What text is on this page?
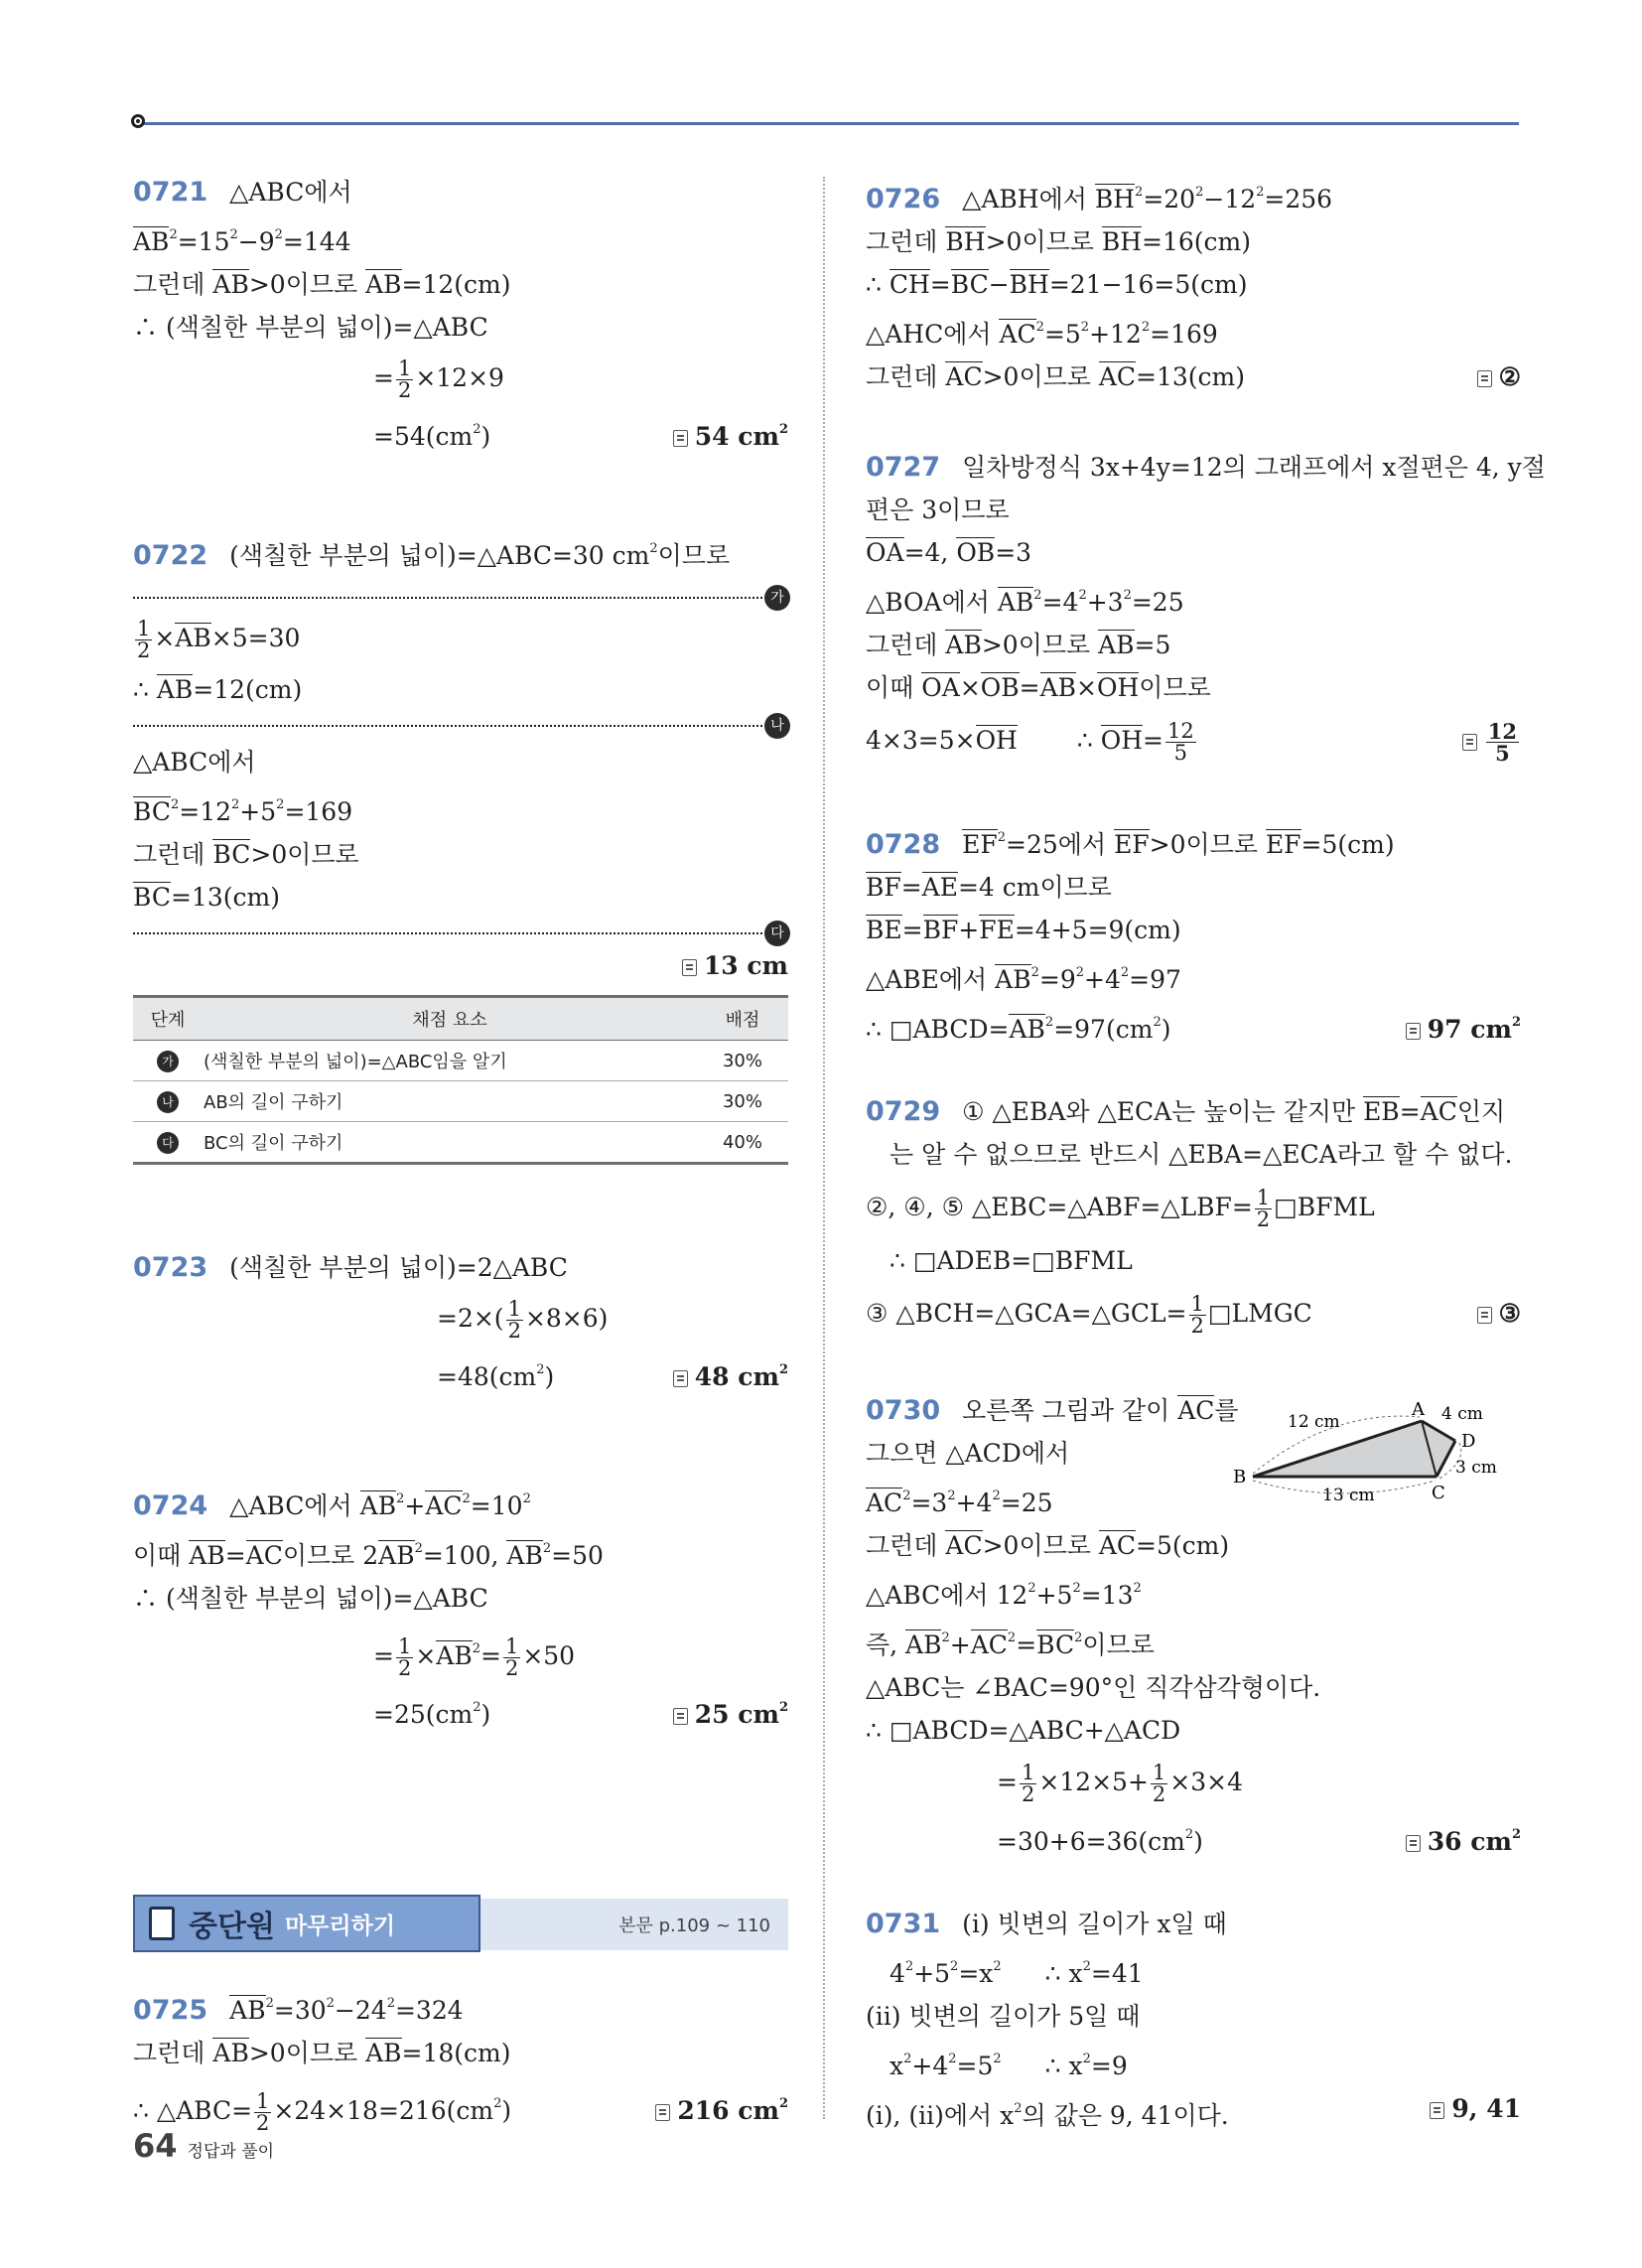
0721 △ABC에서
$AB^2=15^2-9^2=144$
그런데 AB>0이므로 AB=12(cm)
∴ (색칠한 부분의 넓이)=△ABC
= $\frac{1}{2} \times 12\times 9$
$=54(cm^2)$	54 $cm^2$
0722 (색칠한 부분의 넓이)=△ABC=30 $cm^2$이므로
가
$\frac{1}{2} \times AB\times 5=30$
∴ AB=12(cm)
나
△ABC에서
$BC^2=12^2+5^2=169$
그런데 BC>0이므로
BC=13(cm)
다
13 cm
단계	채점 요소	배점
가	(색칠한 부분의 넓이)=△ABC임을 알기	30%
나	AB의 길이 구하기	30%
다	BC의 길이 구하기	40%
0723 (색칠한 부분의 넓이)=2△ABC
$=2\times( \frac{1}{2} \times 8\times 6)$
$=48(cm^2)$	48 $cm^2$
0724 △ABC에서 $AB^2+AC^2=10^2$
이때 AB=AC이므로 $2AB^2=100$, $AB^2=50$
∴ (색칠한 부분의 넓이)=△ABC
= $\frac{1}{2} \times AB^2= \frac{1}{2} \times 50$
$=25(cm^2)$	25 $cm^2$
중단원 마무리하기	본문 p.109 ~ 110
0725 $AB^2=30^2-24^2=324$
그런데 AB>0이므로 AB=18(cm)
∴ △ABC= $\frac{1}{2} \times 24\times 18=216(cm^2)$	216 $cm^2$
0726 △ABH에서 $BH^2=20^2-12^2=256$
그런데 BH>0이므로 BH=16(cm)
∴ CH=BC−BH=21−16=5(cm)
△AHC에서 $AC^2=5^2+12^2=169$
그런데 AC>0이므로 AC=13(cm)	②
0727 일차방정식 3x+4y=12의 그래프에서 x절편은 4, y절
편은 3이므로
OA=4, OB=3
△BOA에서 $AB^2=4^2+3^2=25$
그런데 AB>0이므로 AB=5
이때 OA×OB=AB×OH이므로
4×3=5×OH ∴ $OH= \frac{12}{5}$	$\frac{12}{5}$
0728 $EF^2=25$에서 EF>0이므로 EF=5(cm)
BF=AE=4 cm이므로
BE=BF+FE=4+5=9(cm)
△ABE에서 $AB^2=9^2+4^2=97$
∴ $□ABCD=AB^2=97(cm^2)$	97 $cm^2$
0729 ① △EBA와 △ECA는 높이는 같지만 EB=AC인지
는 알 수 없으므로 반드시 △EBA=△ECA라고 할 수 없다.
②, ④, ⑤ △EBC=△ABF=△LBF= $\frac{1}{2}$ □BFML
∴ □ADEB=□BFML
③ △BCH=△GCA=△GCL= $\frac{1}{2}$ □LMGC	③
A
B
C
D
12 cm	4 cm
3 cm
13 cm
0730 오른쪽 그림과 같이 AC를
그으면 △ACD에서
$AC^2=3^2+4^2=25$
그런데 AC>0이므로 AC=5(cm)
△ABC에서 $12^2+5^2=13^2$
즉, $AB^2+AC^2=BC^2$이므로
△ABC는 ∠BAC=90°인 직각삼각형이다.
∴ □ABCD=△ABC+△ACD
= $\frac{1}{2} \times 12\times 5+ \frac{1}{2} \times 3\times 4$
$=30+6=36(cm^2)$	36 $cm^2$
0731 (i) 빗변의 길이가 x일 때
$4^2+5^2=x^2$ ∴ $x^2=41$
(ii) 빗변의 길이가 5일 때
$x^2+4^2=5^2$ ∴ $x^2=9$
(i), (ii)에서 $x^2$의 값은 9, 41이다.	9, 41
64 정답과 풀이
